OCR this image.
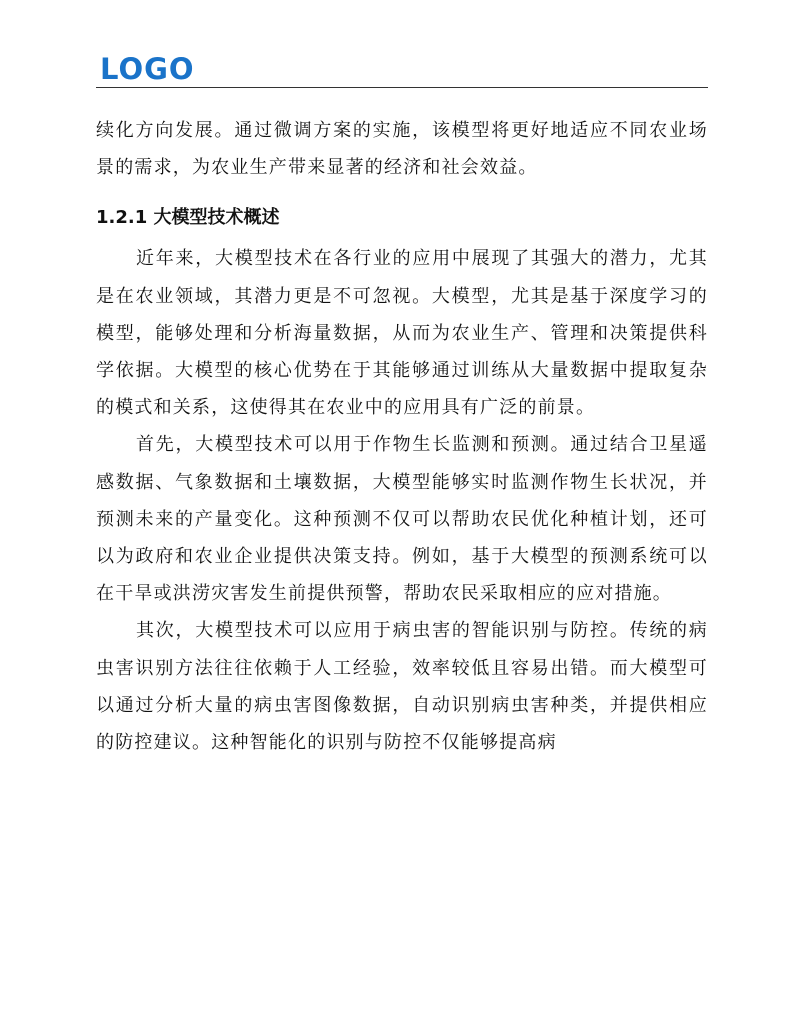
LOGO

续化方向发展。通过微调方案的实施，该模型将更好地适应不同农业场景的需求，为农业生产带来显著的经济和社会效益。

1.2.1 大模型技术概述

近年来，大模型技术在各行业的应用中展现了其强大的潜力，尤其是在农业领域，其潜力更是不可忽视。大模型，尤其是基于深度学习的模型，能够处理和分析海量数据，从而为农业生产、管理和决策提供科学依据。大模型的核心优势在于其能够通过训练从大量数据中提取复杂的模式和关系，这使得其在农业中的应用具有广泛的前景。

首先，大模型技术可以用于作物生长监测和预测。通过结合卫星遥感数据、气象数据和土壤数据，大模型能够实时监测作物生长状况，并预测未来的产量变化。这种预测不仅可以帮助农民优化种植计划，还可以为政府和农业企业提供决策支持。例如，基于大模型的预测系统可以在干旱或洪涝灾害发生前提供预警，帮助农民采取相应的应对措施。

其次，大模型技术可以应用于病虫害的智能识别与防控。传统的病虫害识别方法往往依赖于人工经验，效率较低且容易出错。而大模型可以通过分析大量的病虫害图像数据，自动识别病虫害种类，并提供相应的防控建议。这种智能化的识别与防控不仅能够提高病
